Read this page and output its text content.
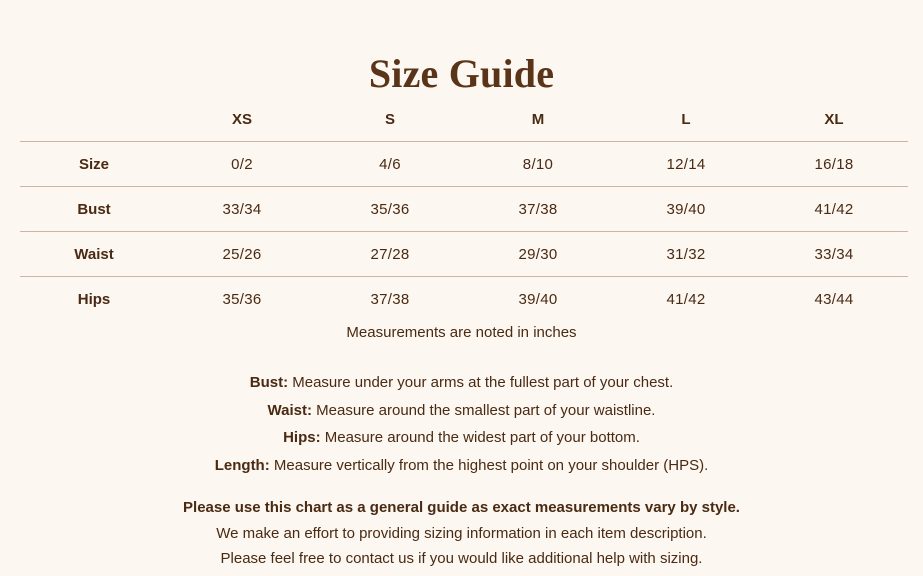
Size Guide
	XS	S	M	L	XL
Size	0/2	4/6	8/10	12/14	16/18
Bust	33/34	35/36	37/38	39/40	41/42
Waist	25/26	27/28	29/30	31/32	33/34
Hips	35/36	37/38	39/40	41/42	43/44
Measurements are noted in inches
Bust: Measure under your arms at the fullest part of your chest.
Waist: Measure around the smallest part of your waistline.
Hips: Measure around the widest part of your bottom.
Length: Measure vertically from the highest point on your shoulder (HPS).
Please use this chart as a general guide as exact measurements vary by style.
We make an effort to providing sizing information in each item description.
Please feel free to contact us if you would like additional help with sizing.
